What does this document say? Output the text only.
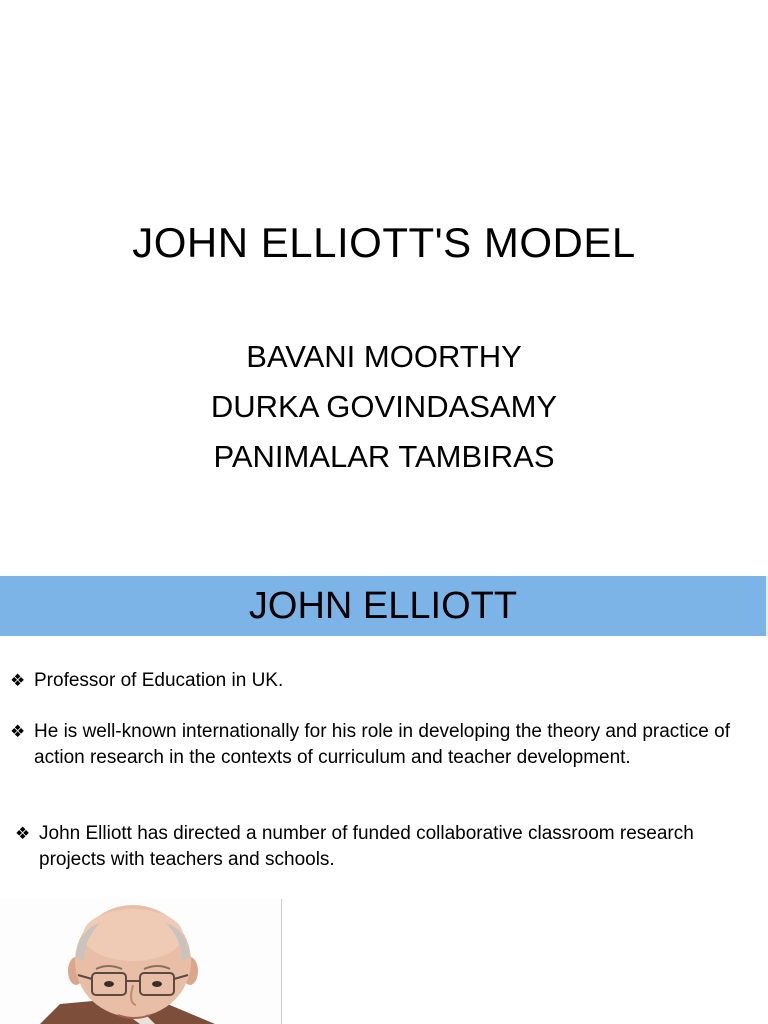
JOHN ELLIOTT'S MODEL
BAVANI MOORTHY
DURKA GOVINDASAMY
PANIMALAR TAMBIRAS
JOHN ELLIOTT
❖ Professor of Education in UK.
❖ He is well-known internationally for his role in developing the theory and practice of action research in the contexts of curriculum and teacher development.
❖ John Elliott has directed a number of funded collaborative classroom research projects with teachers and schools.
